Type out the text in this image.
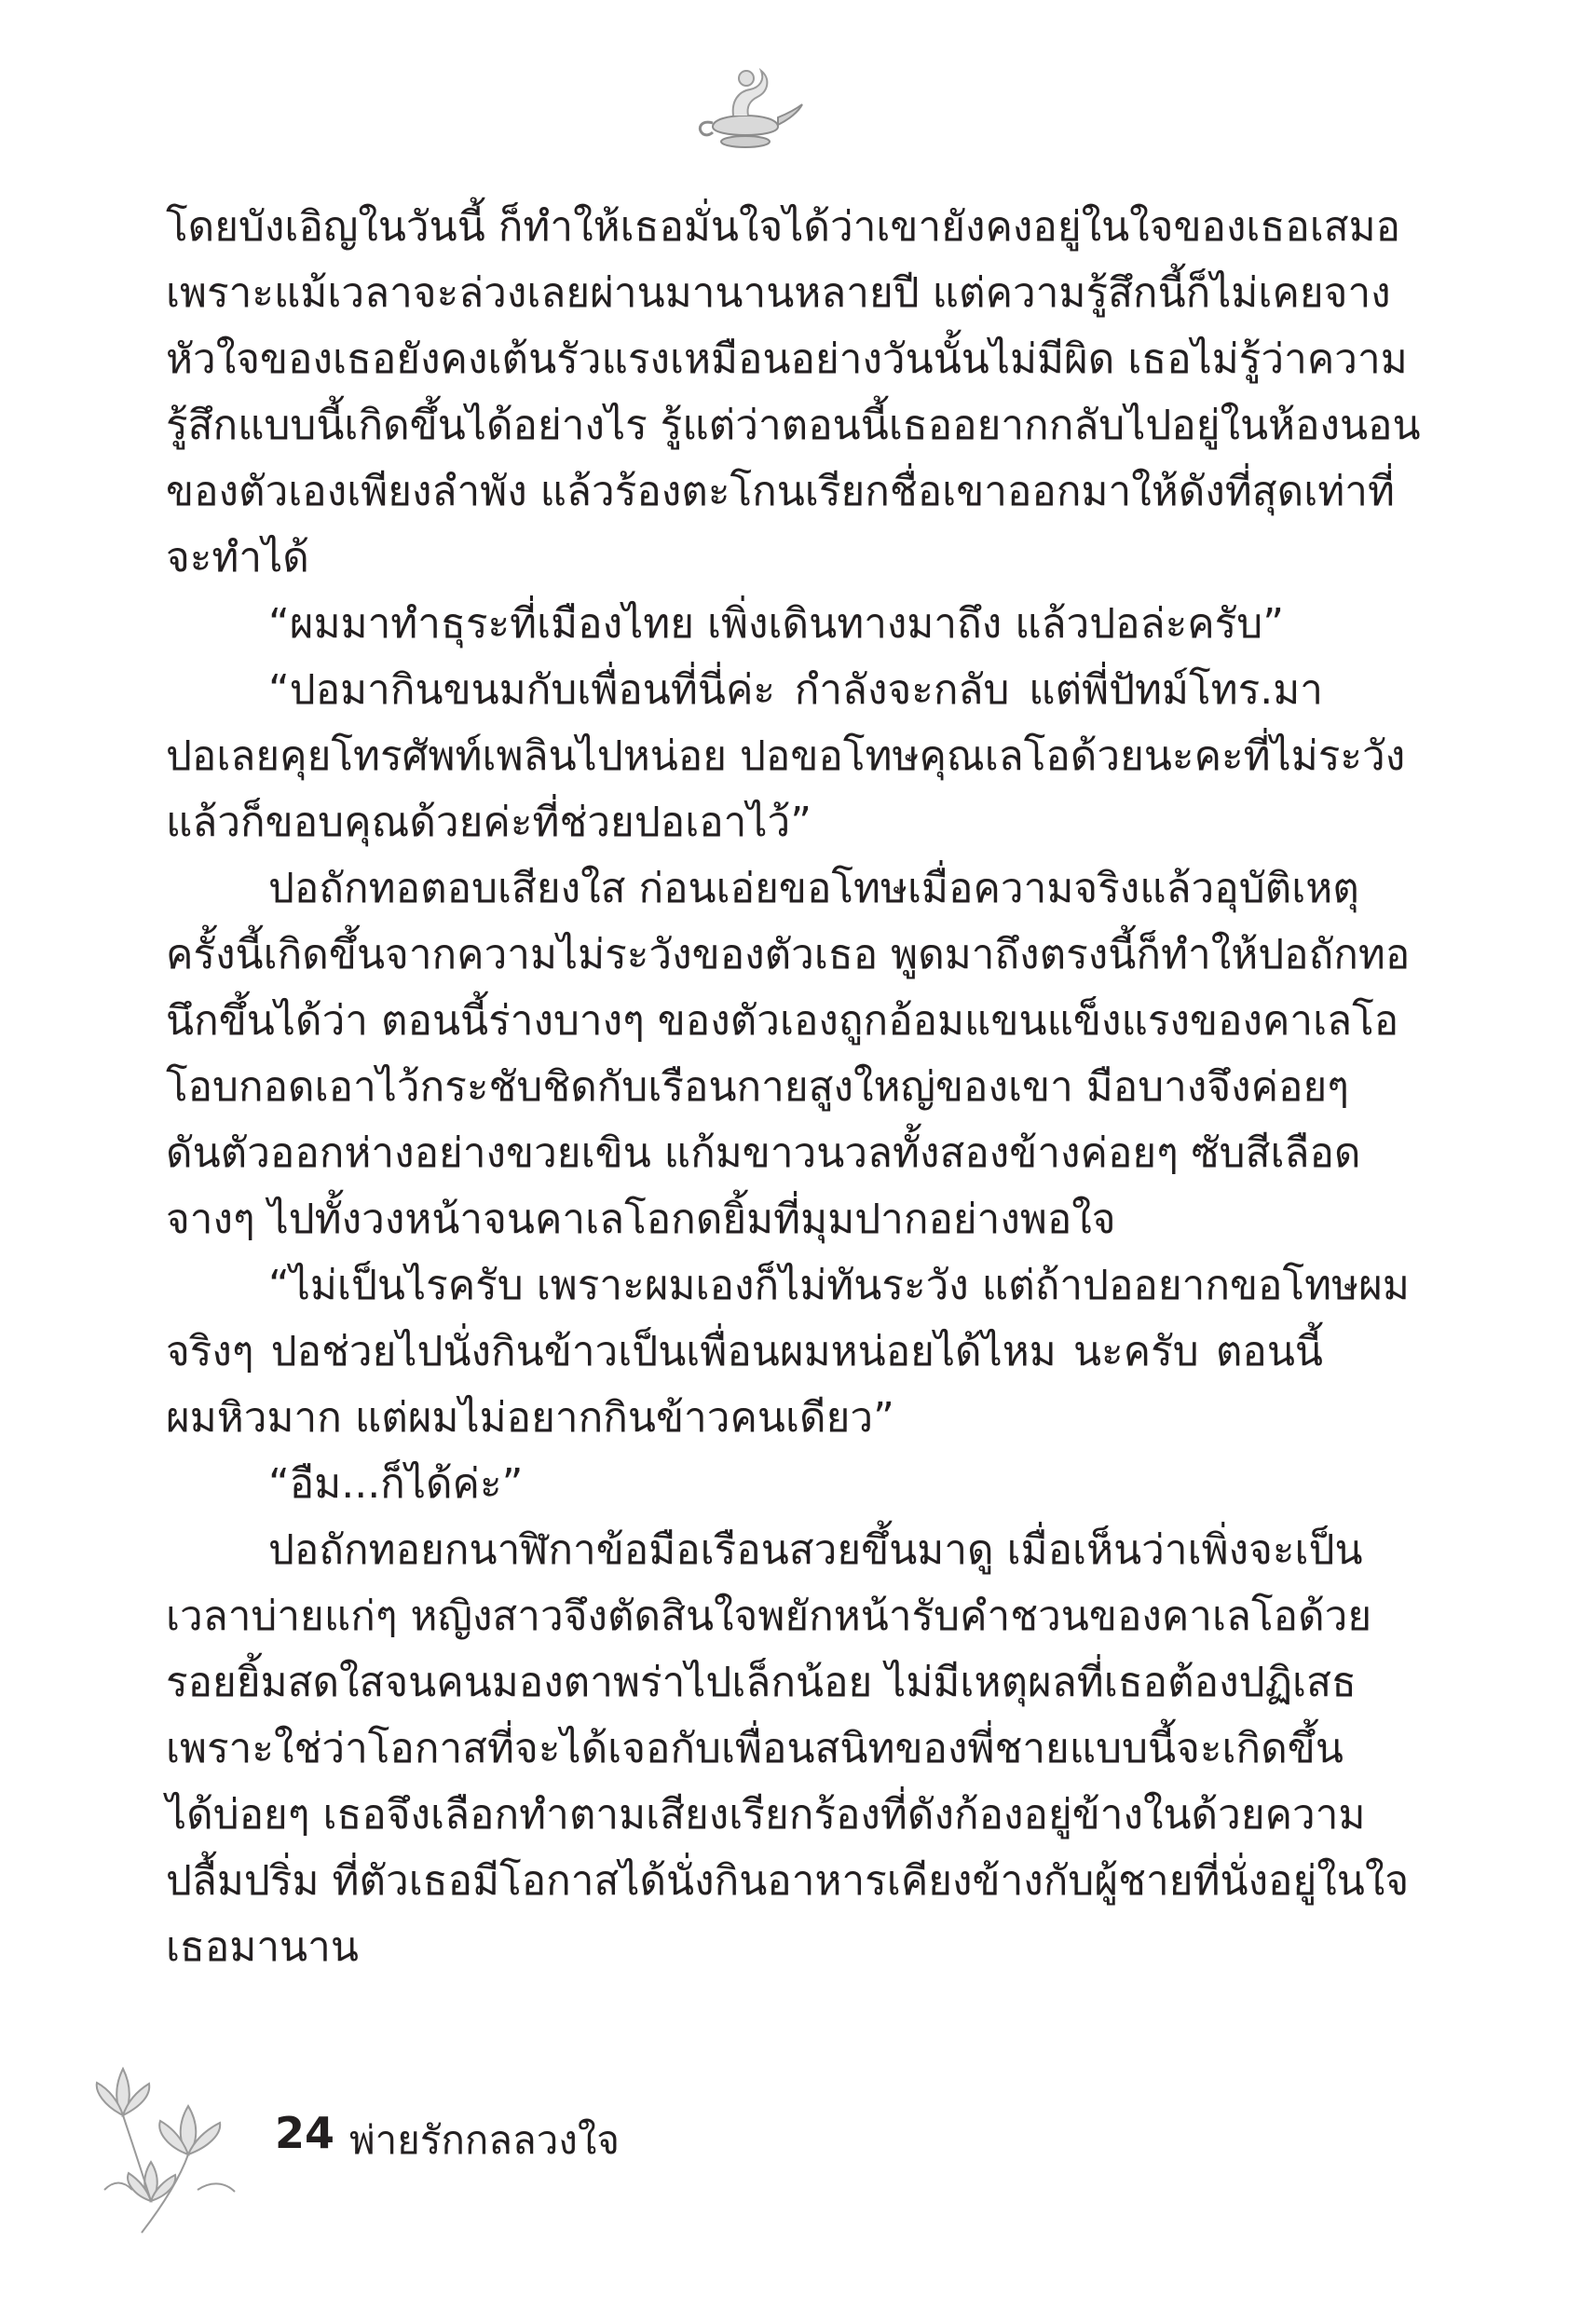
โดยบังเอิญในวันนี้ ก็ทำให้เธอมั่นใจได้ว่าเขายังคงอยู่ในใจของเธอเสมอ
เพราะแม้เวลาจะล่วงเลยผ่านมานานหลายปี แต่ความรู้สึกนี้ก็ไม่เคยจาง
หัวใจของเธอยังคงเต้นรัวแรงเหมือนอย่างวันนั้นไม่มีผิด เธอไม่รู้ว่าความ
รู้สึกแบบนี้เกิดขึ้นได้อย่างไร รู้แต่ว่าตอนนี้เธออยากกลับไปอยู่ในห้องนอน
ของตัวเองเพียงลำพัง แล้วร้องตะโกนเรียกชื่อเขาออกมาให้ดังที่สุดเท่าที่
จะทำได้
“ผมมาทำธุระที่เมืองไทย เพิ่งเดินทางมาถึง แล้วปอล่ะครับ”
“ปอมากินขนมกับเพื่อนที่นี่ค่ะ กำลังจะกลับ แต่พี่ปัทม์โทร.มา
ปอเลยคุยโทรศัพท์เพลินไปหน่อย ปอขอโทษคุณเลโอด้วยนะคะที่ไม่ระวัง
แล้วก็ขอบคุณด้วยค่ะที่ช่วยปอเอาไว้”
ปอถักทอตอบเสียงใส ก่อนเอ่ยขอโทษเมื่อความจริงแล้วอุบัติเหตุ
ครั้งนี้เกิดขึ้นจากความไม่ระวังของตัวเธอ พูดมาถึงตรงนี้ก็ทำให้ปอถักทอ
นึกขึ้นได้ว่า ตอนนี้ร่างบางๆ ของตัวเองถูกอ้อมแขนแข็งแรงของคาเลโอ
โอบกอดเอาไว้กระชับชิดกับเรือนกายสูงใหญ่ของเขา มือบางจึงค่อยๆ
ดันตัวออกห่างอย่างขวยเขิน แก้มขาวนวลทั้งสองข้างค่อยๆ ซับสีเลือด
จางๆ ไปทั้งวงหน้าจนคาเลโอกดยิ้มที่มุมปากอย่างพอใจ
“ไม่เป็นไรครับ เพราะผมเองก็ไม่ทันระวัง แต่ถ้าปออยากขอโทษผม
จริงๆ ปอช่วยไปนั่งกินข้าวเป็นเพื่อนผมหน่อยได้ไหม นะครับ ตอนนี้
ผมหิวมาก แต่ผมไม่อยากกินข้าวคนเดียว”
“อืม...ก็ได้ค่ะ”
ปอถักทอยกนาฬิกาข้อมือเรือนสวยขึ้นมาดู เมื่อเห็นว่าเพิ่งจะเป็น
เวลาบ่ายแก่ๆ หญิงสาวจึงตัดสินใจพยักหน้ารับคำชวนของคาเลโอด้วย
รอยยิ้มสดใสจนคนมองตาพร่าไปเล็กน้อย ไม่มีเหตุผลที่เธอต้องปฏิเสธ
เพราะใช่ว่าโอกาสที่จะได้เจอกับเพื่อนสนิทของพี่ชายแบบนี้จะเกิดขึ้น
ได้บ่อยๆ เธอจึงเลือกทำตามเสียงเรียกร้องที่ดังก้องอยู่ข้างในด้วยความ
ปลื้มปริ่ม ที่ตัวเธอมีโอกาสได้นั่งกินอาหารเคียงข้างกับผู้ชายที่นั่งอยู่ในใจ
เธอมานาน
24 พ่ายรักกลลวงใจ
